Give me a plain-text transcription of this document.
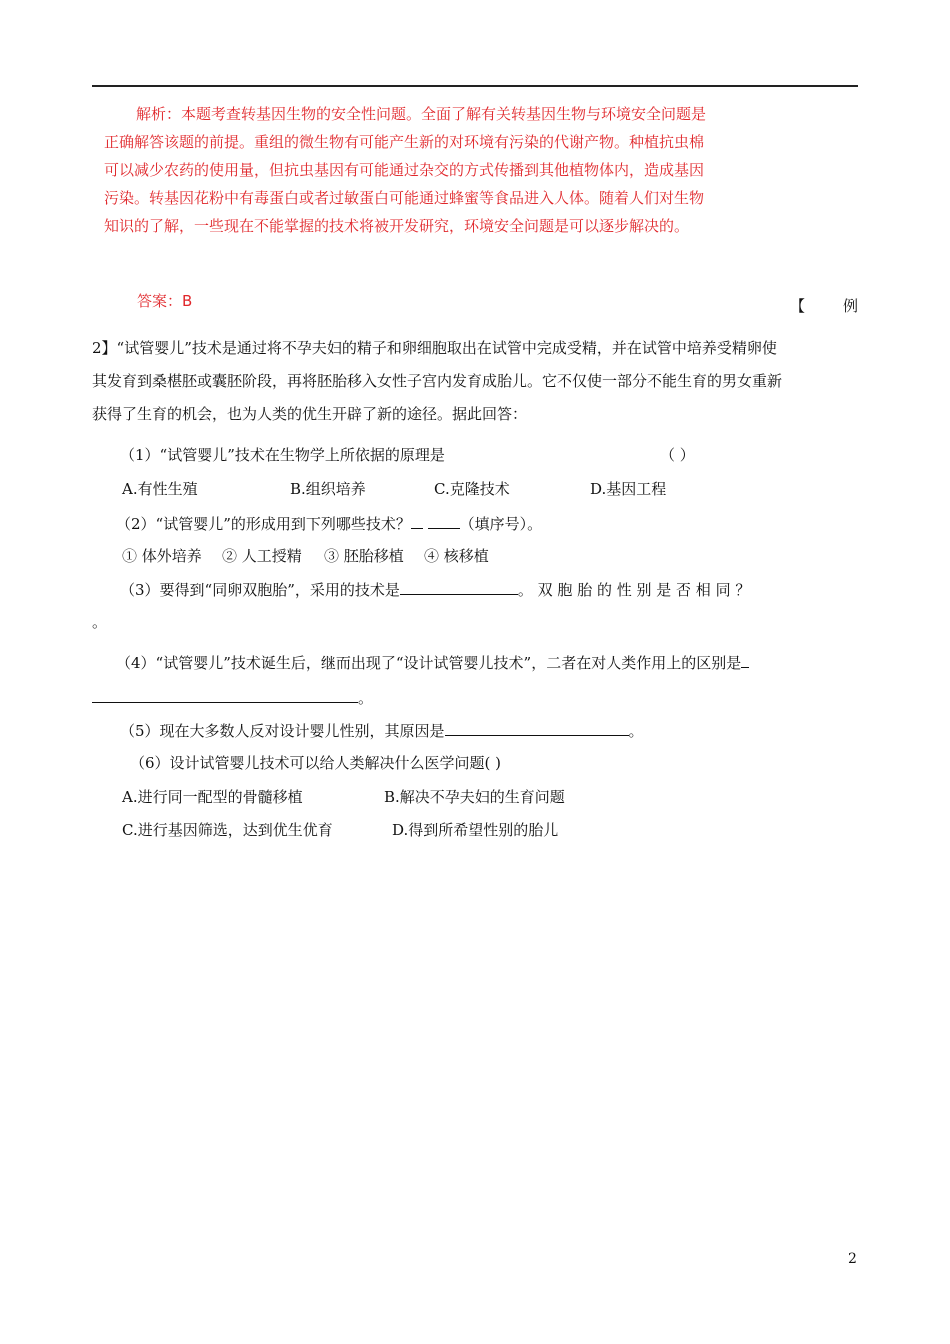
解析：本题考查转基因生物的安全性问题。全面了解有关转基因生物与环境安全问题是
正确解答该题的前提。重组的微生物有可能产生新的对环境有污染的代谢产物。种植抗虫棉
可以减少农药的使用量，但抗虫基因有可能通过杂交的方式传播到其他植物体内，造成基因
污染。转基因花粉中有毒蛋白或者过敏蛋白可能通过蜂蜜等食品进入人体。随着人们对生物
知识的了解，一些现在不能掌握的技术将被开发研究，环境安全问题是可以逐步解决的。
答案：B	【	例
2】“试管婴儿”技术是通过将不孕夫妇的精子和卵细胞取出在试管中完成受精，并在试管中培养受精卵使
其发育到桑椹胚或囊胚阶段，再将胚胎移入女性子宫内发育成胎儿。它不仅使一部分不能生育的男女重新
获得了生育的机会，也为人类的优生开辟了新的途径。据此回答：
（1）“试管婴儿”技术在生物学上所依据的原理是	（ ）
A.有性生殖	B.组织培养	C.克隆技术	D.基因工程
（2）“试管婴儿”的形成用到下列哪些技术？	（填序号）。
① 体外培养 ② 人工授精 ③ 胚胎移植 ④ 核移植
（3）要得到“同卵双胞胎”，采用的技术是	。 双 胞 胎 的 性 别 是 否 相 同 ？
。
（4）“试管婴儿”技术诞生后，继而出现了“设计试管婴儿技术”，二者在对人类作用上的区别是
。
（5）现在大多数人反对设计婴儿性别，其原因是	。
（6）设计试管婴儿技术可以给人类解决什么医学问题( )
A.进行同一配型的骨髓移植	B.解决不孕夫妇的生育问题
C.进行基因筛选，达到优生优育	D.得到所希望性别的胎儿
2
